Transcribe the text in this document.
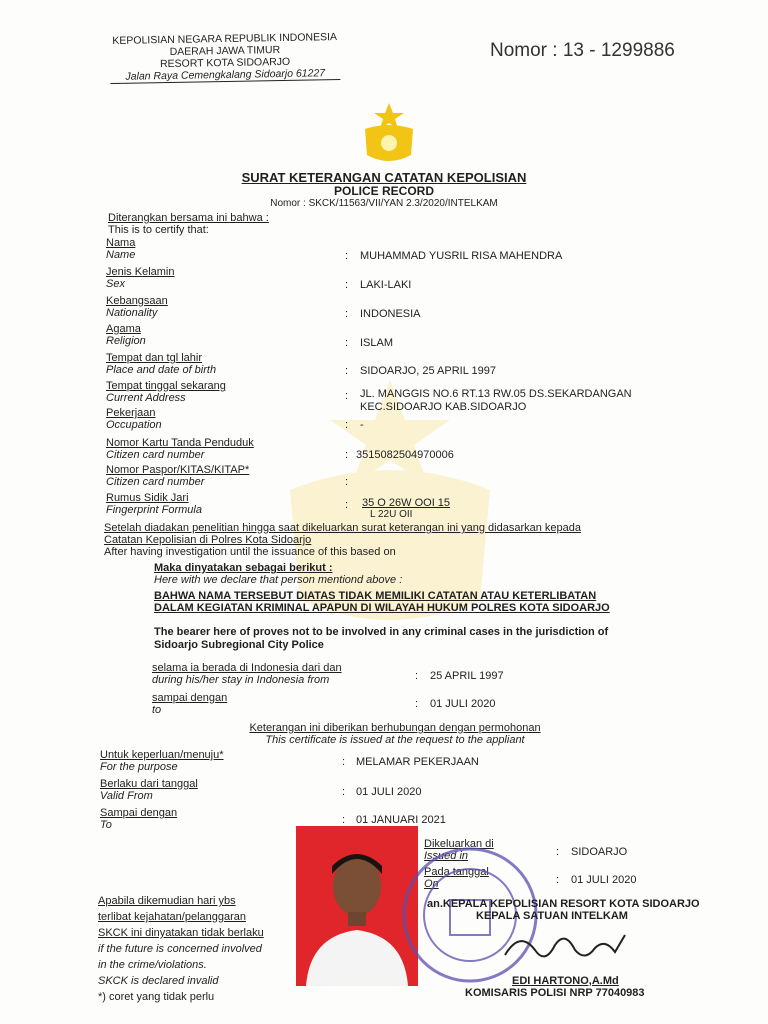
KEPOLISIAN NEGARA REPUBLIK INDONESIA
DAERAH JAWA TIMUR
RESORT KOTA SIDOARJO
Jalan Raya Cemengkalang Sidoarjo 61227
Nomor : 13 - 1299886
SURAT KETERANGAN CATATAN KEPOLISIAN
POLICE RECORD
Nomor : SKCK/11563/VII/YAN 2.3/2020/INTELKAM
Diterangkan bersama ini bahwa :
This is to certify that:
Nama
Name	: MUHAMMAD YUSRIL RISA MAHENDRA
Jenis Kelamin
Sex	: LAKI-LAKI
Kebangsaan
Nationality	: INDONESIA
Agama
Religion	: ISLAM
Tempat dan tgl lahir
Place and date of birth	: SIDOARJO, 25 APRIL 1997
Tempat tinggal sekarang
Current Address	: JL. MANGGIS NO.6 RT.13 RW.05 DS.SEKARDANGAN
KEC.SIDOARJO KAB.SIDOARJO
Pekerjaan
Occupation	: -
Nomor Kartu Tanda Penduduk
Citizen card number	: 3515082504970006
Nomor Paspor/KITAS/KITAP*
Citizen card number	:
Rumus Sidik Jari
Fingerprint Formula	: 35 O 26W OOI 15
L 22U OII
Setelah diadakan penelitian hingga saat dikeluarkan surat keterangan ini yang didasarkan kepada Catatan Kepolisian di Polres Kota Sidoarjo
After having investigation until the issuance of this based on
Maka dinyatakan sebagai berikut :
Here with we declare that person mentiond above :
BAHWA NAMA TERSEBUT DIATAS TIDAK MEMILIKI CATATAN ATAU KETERLIBATAN DALAM KEGIATAN KRIMINAL APAPUN DI WILAYAH HUKUM POLRES KOTA SIDOARJO
The bearer here of proves not to be involved in any criminal cases in the jurisdiction of Sidoarjo Subregional City Police
selama ia berada di Indonesia dari dan
during his/her stay in Indonesia from	: 25 APRIL 1997
sampai dengan
to	: 01 JULI 2020
Keterangan ini diberikan berhubungan dengan permohonan
This certificate is issued at the request to the appliant
Untuk keperluan/menuju*
For the purpose	: MELAMAR PEKERJAAN
Berlaku dari tanggal
Valid From	: 01 JULI 2020
Sampai dengan
To	: 01 JANUARI 2021
Dikeluarkan di
Issued in	: SIDOARJO
Pada tanggal
On	: 01 JULI 2020
an.KEPALA KEPOLISIAN RESORT KOTA SIDOARJO
KEPALA SATUAN INTELKAM
EDI HARTONO,A.Md
KOMISARIS POLISI NRP 77040983
Apabila dikemudian hari ybs
terlibat kejahatan/pelanggaran
SKCK ini dinyatakan tidak berlaku
if the future is concerned involved
in the crime/violations.
SKCK is declared invalid
*) coret yang tidak perlu
